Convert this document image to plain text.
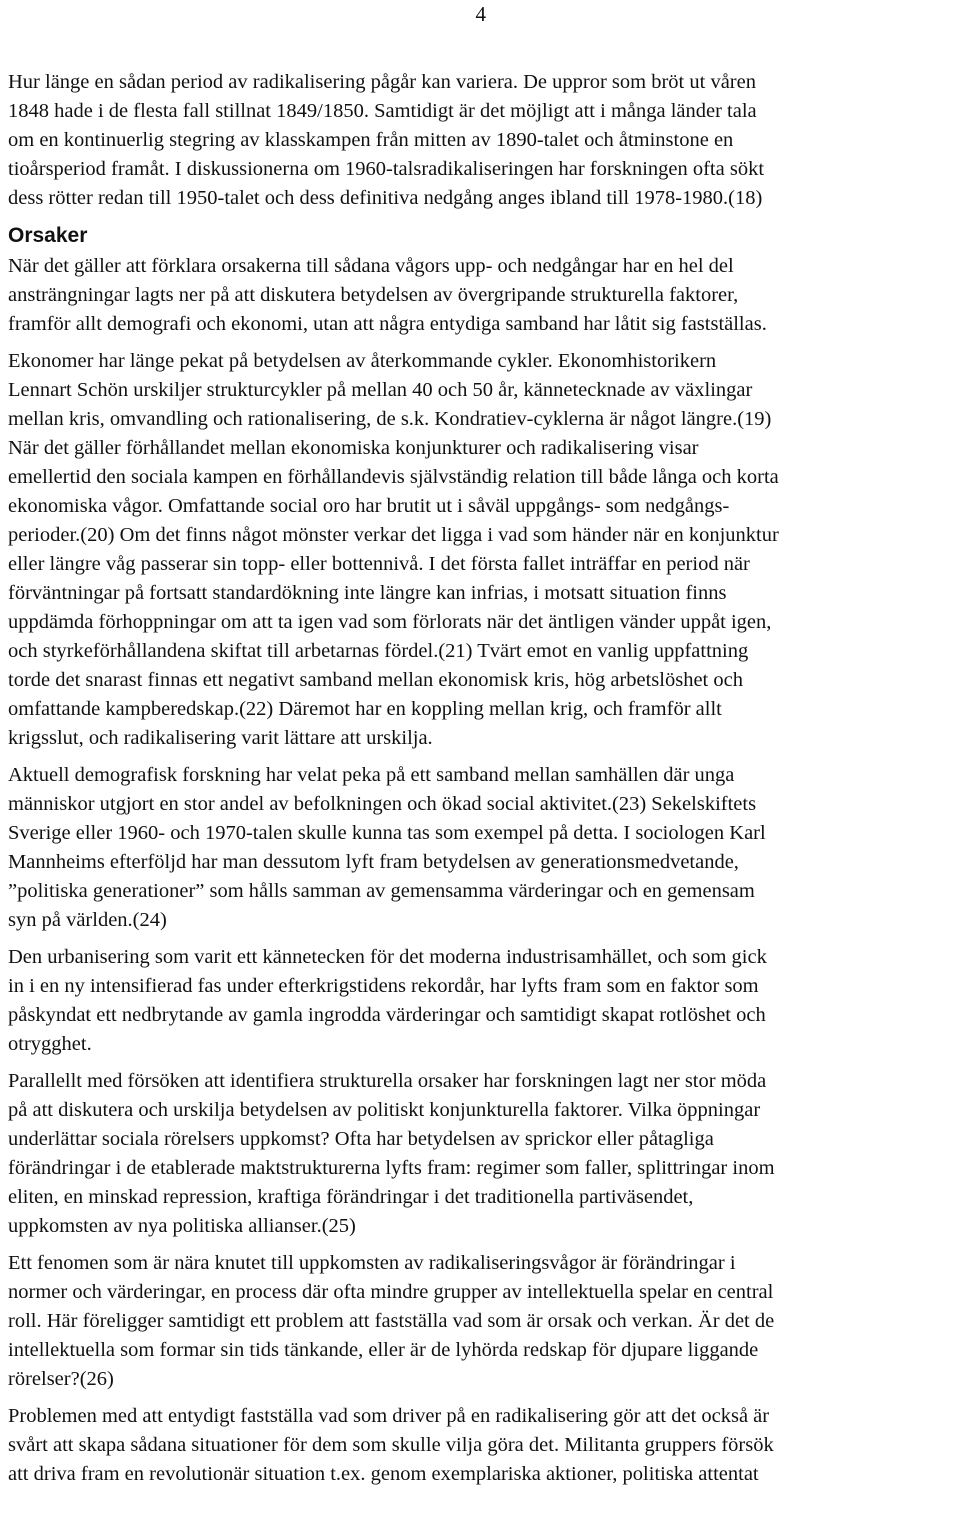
4

Hur länge en sådan period av radikalisering pågår kan variera. De uppror som bröt ut våren
1848 hade i de flesta fall stillnat 1849/1850. Samtidigt är det möjligt att i många länder tala
om en kontinuerlig stegring av klasskampen från mitten av 1890-talet och åtminstone en
tioårsperiod framåt. I diskussionerna om 1960-talsradikaliseringen har forskningen ofta sökt
dess rötter redan till 1950-talet och dess definitiva nedgång anges ibland till 1978-1980.(18)

Orsaker

När det gäller att förklara orsakerna till sådana vågors upp- och nedgångar har en hel del
ansträngningar lagts ner på att diskutera betydelsen av övergripande strukturella faktorer,
framför allt demografi och ekonomi, utan att några entydiga samband har låtit sig fastställas.

Ekonomer har länge pekat på betydelsen av återkommande cykler. Ekonomhistorikern
Lennart Schön urskiljer strukturcykler på mellan 40 och 50 år, kännetecknade av växlingar
mellan kris, omvandling och rationalisering, de s.k. Kondratiev-cyklerna är något längre.(19)
När det gäller förhållandet mellan ekonomiska konjunkturer och radikalisering visar
emellertid den sociala kampen en förhållandevis självständig relation till både långa och korta
ekonomiska vågor. Omfattande social oro har brutit ut i såväl uppgångs- som nedgångs-
perioder.(20) Om det finns något mönster verkar det ligga i vad som händer när en konjunktur
eller längre våg passerar sin topp- eller bottennivå. I det första fallet inträffar en period när
förväntningar på fortsatt standardökning inte längre kan infrias, i motsatt situation finns
uppdämda förhoppningar om att ta igen vad som förlorats när det äntligen vänder uppåt igen,
och styrkeförhållandena skiftat till arbetarnas fördel.(21) Tvärt emot en vanlig uppfattning
torde det snarast finnas ett negativt samband mellan ekonomisk kris, hög arbetslöshet och
omfattande kampberedskap.(22) Däremot har en koppling mellan krig, och framför allt
krigsslut, och radikalisering varit lättare att urskilja.

Aktuell demografisk forskning har velat peka på ett samband mellan samhällen där unga
människor utgjort en stor andel av befolkningen och ökad social aktivitet.(23) Sekelskiftets
Sverige eller 1960- och 1970-talen skulle kunna tas som exempel på detta. I sociologen Karl
Mannheims efterföljd har man dessutom lyft fram betydelsen av generationsmedvetande,
”politiska generationer” som hålls samman av gemensamma värderingar och en gemensam
syn på världen.(24)

Den urbanisering som varit ett kännetecken för det moderna industrisamhället, och som gick
in i en ny intensifierad fas under efterkrigstidens rekordår, har lyfts fram som en faktor som
påskyndat ett nedbrytande av gamla ingrodda värderingar och samtidigt skapat rotlöshet och
otrygghet.

Parallellt med försöken att identifiera strukturella orsaker har forskningen lagt ner stor möda
på att diskutera och urskilja betydelsen av politiskt konjunkturella faktorer. Vilka öppningar
underlättar sociala rörelsers uppkomst? Ofta har betydelsen av sprickor eller påtagliga
förändringar i de etablerade maktstrukturerna lyfts fram: regimer som faller, splittringar inom
eliten, en minskad repression, kraftiga förändringar i det traditionella partiväsendet,
uppkomsten av nya politiska allianser.(25)

Ett fenomen som är nära knutet till uppkomsten av radikaliseringsvågor är förändringar i
normer och värderingar, en process där ofta mindre grupper av intellektuella spelar en central
roll. Här föreligger samtidigt ett problem att fastställa vad som är orsak och verkan. Är det de
intellektuella som formar sin tids tänkande, eller är de lyhörda redskap för djupare liggande
rörelser?(26)

Problemen med att entydigt fastställa vad som driver på en radikalisering gör att det också är
svårt att skapa sådana situationer för dem som skulle vilja göra det. Militanta gruppers försök
att driva fram en revolutionär situation t.ex. genom exemplariska aktioner, politiska attentat
